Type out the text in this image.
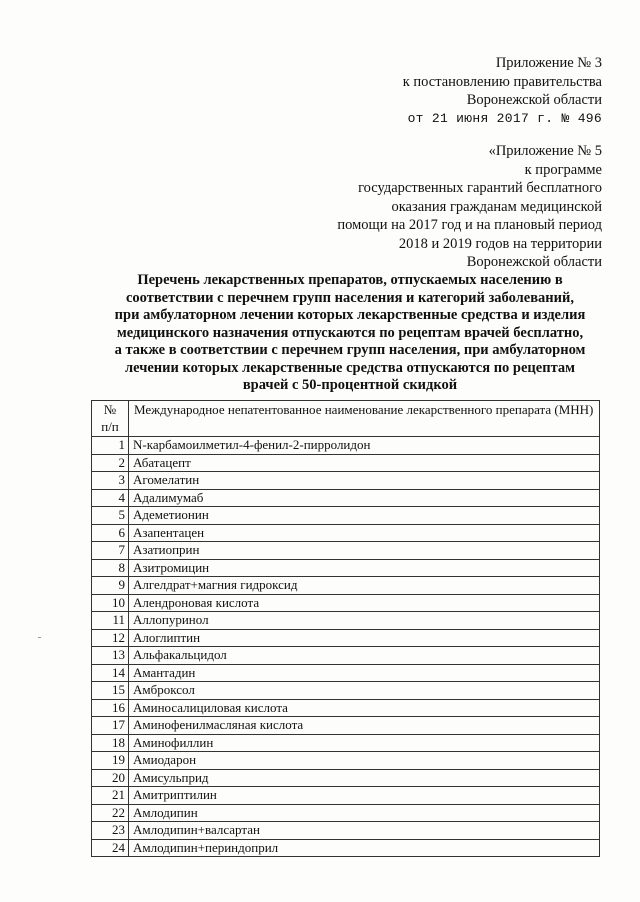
Приложение № 3
к постановлению правительства
Воронежской области
от 21 июня 2017 г. № 496
«Приложение № 5
к программе
государственных гарантий бесплатного
оказания гражданам медицинской
помощи на 2017 год и на плановый период
2018 и 2019 годов на территории
Воронежской области
Перечень лекарственных препаратов, отпускаемых населению в
соответствии с перечнем групп населения и категорий заболеваний,
при амбулаторном лечении которых лекарственные средства и изделия
медицинского назначения отпускаются по рецептам врачей бесплатно,
а также в соответствии с перечнем групп населения, при амбулаторном
лечении которых лекарственные средства отпускаются по рецептам
врачей с 50-процентной скидкой
№
п/п	Международное непатентованное наименование лекарственного препарата (МНН)
1	N-карбамоилметил-4-фенил-2-пирролидон
2	Абатацепт
3	Агомелатин
4	Адалимумаб
5	Адеметионин
6	Азапентацен
7	Азатиоприн
8	Азитромицин
9	Алгелдрат+магния гидроксид
10	Алендроновая кислота
11	Аллопуринол
12	Алоглиптин
13	Альфакальцидол
14	Амантадин
15	Амброксол
16	Аминосалициловая кислота
17	Аминофенилмасляная кислота
18	Аминофиллин
19	Амиодарон
20	Амисульприд
21	Амитриптилин
22	Амлодипин
23	Амлодипин+валсартан
24	Амлодипин+периндоприл
